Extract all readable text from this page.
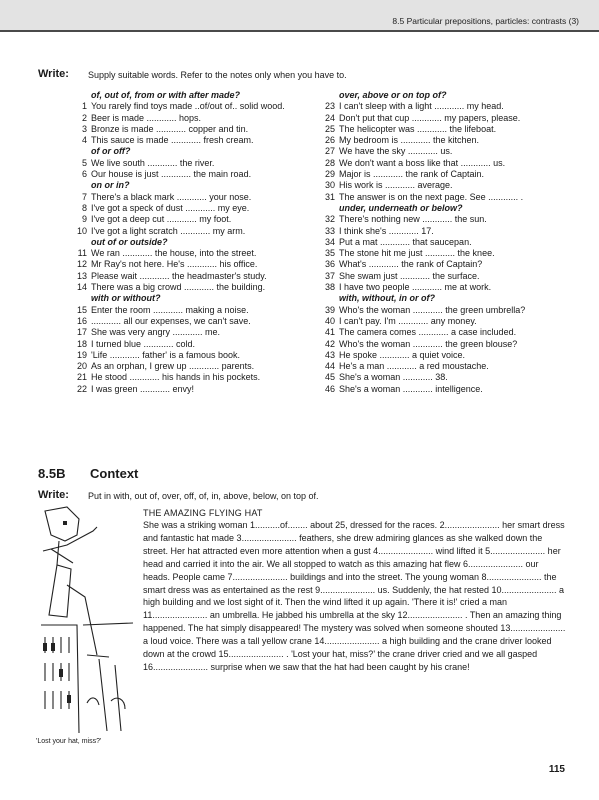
8.5 Particular prepositions, particles: contrasts (3)
Write: Supply suitable words. Refer to the notes only when you have to.
of, out of, from or with after made?
1 You rarely find toys made ..of/out of.. solid wood.
2 Beer is made ............ hops.
3 Bronze is made ............ copper and tin.
4 This sauce is made ............ fresh cream.
of or off?
5 We live south ............ the river.
6 Our house is just ............ the main road.
on or in?
7 There's a black mark ............ your nose.
8 I've got a speck of dust ............ my eye.
9 I've got a deep cut ............ my foot.
10 I've got a light scratch ............ my arm.
out of or outside?
11 We ran ............ the house, into the street.
12 Mr Ray's not here. He's ............ his office.
13 Please wait ............ the headmaster's study.
14 There was a big crowd ............ the building.
with or without?
15 Enter the room ............ making a noise.
16 ............ all our expenses, we can't save.
17 She was very angry ............ me.
18 I turned blue ............ cold.
19 'Life ............ father' is a famous book.
20 As an orphan, I grew up ............ parents.
21 He stood ............ his hands in his pockets.
22 I was green ............ envy!
over, above or on top of?
23 I can't sleep with a light ............ my head.
24 Don't put that cup ............ my papers, please.
25 The helicopter was ............ the lifeboat.
26 My bedroom is ............ the kitchen.
27 We have the sky ............ us.
28 We don't want a boss like that ............ us.
29 Major is ............ the rank of Captain.
30 His work is ............ average.
31 The answer is on the next page. See ............ .
under, underneath or below?
32 There's nothing new ............ the sun.
33 I think she's ............ 17.
34 Put a mat ............ that saucepan.
35 The stone hit me just ............ the knee.
36 What's ............ the rank of Captain?
37 She swam just ............ the surface.
38 I have two people ............ me at work.
with, without, in or of?
39 Who's the woman ............ the green umbrella?
40 I can't pay. I'm ............ any money.
41 The camera comes ............ a case included.
42 Who's the woman ............ the green blouse?
43 He spoke ............ a quiet voice.
44 He's a man ............ a red moustache.
45 She's a woman ............ 38.
46 She's a woman ............ intelligence.
8.5B Context
Write: Put in with, out of, over, off, of, in, above, below, on top of.
THE AMAZING FLYING HAT

She was a striking woman 1..........of........ about 25, dressed for the races. 2...................... her smart dress and fantastic hat made 3...................... feathers, she drew admiring glances as she walked down the street. Her hat attracted even more attention when a gust 4...................... wind lifted it 5...................... her head and carried it into the air. We all stopped to watch as this amazing hat flew 6...................... our heads. People came 7...................... buildings and into the street. The young woman 8...................... the smart dress was as entertained as the rest 9...................... us. Suddenly, the hat rested 10...................... a high building and we lost sight of it. Then the wind lifted it up again. 'There it is!' cried a man 11...................... an umbrella. He jabbed his umbrella at the sky 12...................... . Then an amazing thing happened. The hat simply disappeared! The mystery was solved when someone shouted 13...................... a loud voice. There was a tall yellow crane 14...................... a high building and the crane driver looked down at the crowd 15...................... . 'Lost your hat, miss?' the crane driver cried and we all gasped 16...................... surprise when we saw that the hat had been caught by his crane!

'Lost your hat, miss?'
115
